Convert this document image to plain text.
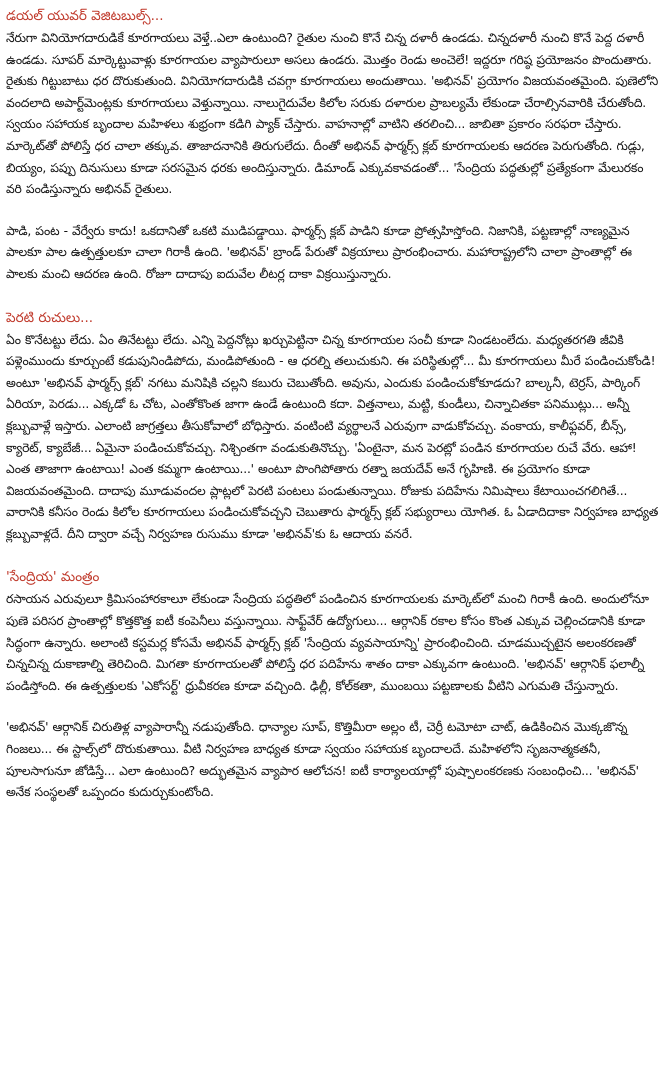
డయల్ యువర్ వెజిటబుల్స్...

నేరుగా వినియోగదారుడికే కూరగాయలు వెళ్తే..ఎలా ఉంటుంది? రైతుల నుంచి కొనే చిన్న దళారీ ఉండడు. చిన్నదళారీ నుంచి కొనే పెద్ద దళారీ ఉండడు. సూపర్ మార్కెట్టువాళ్లు కూరగాయల వ్యాపారులూ అసలు ఉండరు. మొత్తం రెండు అంచెలే! ఇద్దరూ గరిష్ఠ ప్రయోజనం పొందుతారు. రైతుకు గిట్టుబాటు ధర దొరుకుతుంది. వినియోగదారుడికి చవగ్గా కూరగాయలు అందుతాయి. 'అభినవ్' ప్రయోగం విజయవంతమైంది. పుణెలోని వందలాది అపార్ట్‌మెంట్లకు కూరగాయలు వెళ్తున్నాయి. నాలుగైదువేల కిలోల సరుకు దళారుల ప్రాబల్యమే లేకుండా చేరాల్సినవారికి చేరుతోంది. స్వయం సహాయక బృందాల మహిళలు శుభ్రంగా కడిగి ప్యాక్ చేస్తారు. వాహనాల్లో వాటిని తరలించి... జాబితా ప్రకారం సరఫరా చేస్తారు. మార్కెట్‌తో పోలిస్తే ధర చాలా తక్కువ. తాజాదనానికి తిరుగులేదు. దీంతో అభినవ్ ఫార్మర్స్ క్లబ్ కూరగాయలకు ఆదరణ పెరుగుతోంది. గుడ్లు, బియ్యం, పప్పు దినుసులు కూడా సరసమైన ధరకు అందిస్తున్నారు. డిమాండ్ ఎక్కువకావడంతో... 'సేంద్రియ పద్ధతుల్లో ప్రత్యేకంగా మేలురకం వరి పండిస్తున్నారు అభినవ్ రైతులు.

పాడి, పంట - వేర్వేరు కాదు! ఒకదానితో ఒకటి ముడిపడ్డాయి. ఫార్మర్స్ క్లబ్ పాడిని కూడా ప్రోత్సహిస్తోంది. నిజానికి, పట్టణాల్లో నాణ్యమైన పాలకూ పాల ఉత్పత్తులకూ చాలా గిరాకీ ఉంది. 'అభినవ్' బ్రాండ్ పేరుతో విక్రయాలు ప్రారంభించారు. మహారాష్ట్రలోని చాలా ప్రాంతాల్లో ఈ పాలకు మంచి ఆదరణ ఉంది. రోజూ దాదాపు ఐదువేల లీటర్ల దాకా విక్రయిస్తున్నారు.

పెరటి రుచులు...

ఏం కొనేటట్టు లేదు. ఏం తినేటట్టు లేదు. ఎన్ని పెద్దనోట్లు ఖర్చుపెట్టినా చిన్న కూరగాయల సంచీ కూడా నిండటంలేదు. మధ్యతరగతి జీవికి పళ్లెంముందు కూర్చుంటే కడుపునిండిపోదు, మండిపోతుంది - ఆ ధరల్ని తలుచుకుని. ఈ పరిస్థితుల్లో... మీ కూరగాయలు మీరే పండించుకోండి! అంటూ 'అభినవ్ ఫార్మర్స్ క్లబ్' నగటు మనిషికి చల్లని కబురు చెబుతోంది. అవును, ఎందుకు పండించుకోకూడదు? బాల్కనీ, టెర్రస్, పార్కింగ్ ఏరియా, పెరడు... ఎక్కడో ఓ చోట, ఎంతోకొంత జాగా ఉండే ఉంటుంది కదా. విత్తనాలు, మట్టి, కుండీలు, చిన్నాచితకా పనిముట్లు... అన్నీ క్లబ్బువాళ్లే ఇస్తారు. ఎలాంటి జాగ్రత్తలు తీసుకోవాలో బోధిస్తారు. వంటింటి వ్యర్థాలనే ఎరువుగా వాడుకోవచ్చు. వంకాయ, కాలీఫ్లవర్, బీన్స్, క్యారెట్, క్యాబేజీ... ఏమైనా పండించుకోవచ్చు. నిశ్చింతగా వండుకుతినొచ్చు. 'ఏంటైనా, మన పెరట్లో పండిన కూరగాయల రుచే వేరు. ఆహా! ఎంత తాజాగా ఉంటాయి! ఎంత కమ్మగా ఉంటాయి...' అంటూ పొంగిపోతారు రత్నా జయదేవ్ అనే గృహిణి. ఈ ప్రయోగం కూడా విజయవంతమైంది. దాదాపు మూడువందల ప్లాట్లలో పెరటి పంటలు పండుతున్నాయి. రోజుకు పదిహేను నిమిషాలు కేటాయించగలిగితే... వారానికి కనీసం రెండు కిలోల కూరగాయలు పండించుకోవచ్చని చెబుతారు ఫార్మర్స్ క్లబ్ సభ్యురాలు యోగిత. ఓ ఏడాదిదాకా నిర్వహణ బాధ్యత క్లబ్బువాళ్లదే. దీని ద్వారా వచ్చే నిర్వహణ రుసుము కూడా 'అభినవ్'కు ఓ ఆదాయ వనరే.

'సేంద్రియ' మంత్రం

రసాయన ఎరువులూ క్రిమిసంహారకాలూ లేకుండా సేంద్రియ పద్ధతిలో పండించిన కూరగాయలకు మార్కెట్‌లో మంచి గిరాకీ ఉంది. అందులోనూ పుణె పరిసర ప్రాంతాల్లో కొత్తకొత్త ఐటీ కంపెనీలు వస్తున్నాయి. సాఫ్ట్‌వేర్ ఉద్యోగులు... ఆర్గానిక్ రకాల కోసం కొంత ఎక్కువ చెల్లించడానికి కూడా సిద్ధంగా ఉన్నారు. అలాంటి కస్టమర్ల కోసమే అభినవ్ ఫార్మర్స్ క్లబ్ 'సేంద్రియ వ్యవసాయాన్ని' ప్రారంభించింది. చూడముచ్చటైన అలంకరణతో చిన్నచిన్న దుకాణాల్ని తెరిచింది. మిగతా కూరగాయలతో పోలిస్తే ధర పదిహేను శాతం దాకా ఎక్కువగా ఉంటుంది. 'అభినవ్' ఆర్గానిక్ ఫలాల్నీ పండిస్తోంది. ఈ ఉత్పత్తులకు 'ఎకోసర్ట్' ధ్రువీకరణ కూడా వచ్చింది. ఢిల్లీ, కోల్‌కతా, ముంబయి పట్టణాలకు వీటిని ఎగుమతి చేస్తున్నారు.

'అభినవ్' ఆర్గానిక్ చిరుతిళ్ల వ్యాపారాన్నీ నడుపుతోంది. ధాన్యాల సూప్, కొత్తిమీరా అల్లం టీ, చెర్రీ టమోటా చాట్, ఉడికించిన మొక్కజొన్న గింజలు... ఈ స్టాల్స్‌లో దొరుకుతాయి. వీటి నిర్వహణ బాధ్యత కూడా స్వయం సహాయక బృందాలదే. మహిళలోని సృజనాత్మకతనీ, పూలసాగునూ జోడిస్తే... ఎలా ఉంటుంది? అద్భుతమైన వ్యాపార ఆలోచన! ఐటీ కార్యాలయాల్లో పుష్పాలంకరణకు సంబంధించి... 'అభినవ్' అనేక సంస్థలతో ఒప్పందం కుదుర్చుకుంటోంది.
